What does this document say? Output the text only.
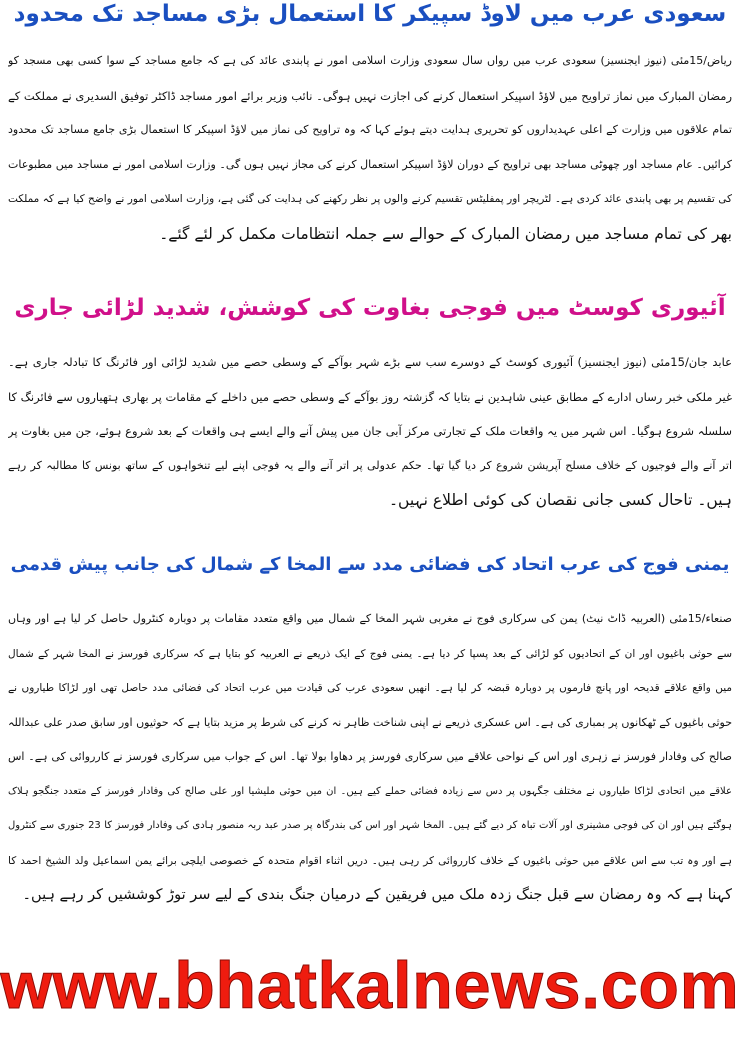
سعودی عرب میں لاوڈ سپیکر کا استعمال بڑی مساجد تک محدود
ریاض/15مئی (نیوز ایجنسیز) سعودی عرب میں رواں سال سعودی وزارت اسلامی امور نے پابندی عائد کی ہے کہ جامع مساجد کے سوا کسی بھی مسجد کو
رمضان المبارک میں نماز تراویح میں لاؤڈ اسپیکر استعمال کرنے کی اجازت نہیں ہوگی۔ نائب وزیر برائے امور مساجد ڈاکٹر توفیق السدیری نے مملکت کے
تمام علاقوں میں وزارت کے اعلی عہدیداروں کو تحریری ہدایت دیتے ہوئے کہا کہ وہ تراویح کی نماز میں لاؤڈ اسپیکر کا استعمال بڑی جامع مساجد تک محدود
کرائیں۔ عام مساجد اور چھوٹی مساجد بھی تراویح کے دوران لاؤڈ اسپیکر استعمال کرنے کی مجاز نہیں ہوں گی۔ وزارت اسلامی امور نے مساجد میں مطبوعات
کی تقسیم پر بھی پابندی عائد کردی ہے۔ لٹریچر اور پمفلیٹس تقسیم کرنے والوں پر نظر رکھنے کی ہدایت کی گئی ہے، وزارت اسلامی امور نے واضح کیا ہے کہ مملکت
بھر کی تمام مساجد میں رمضان المبارک کے حوالے سے جملہ انتظامات مکمل کر لئے گئے۔
آئیوری کوسٹ میں فوجی بغاوت کی کوشش، شدید لڑائی جاری
عابد جان/15مئی (نیوز ایجنسیز) آئیوری کوسٹ کے دوسرے سب سے بڑے شہر بوآکے کے وسطی حصے میں شدید لڑائی اور فائرنگ کا تبادلہ جاری ہے۔
غیر ملکی خبر رساں ادارے کے مطابق عینی شاہدین نے بتایا کہ گزشتہ روز بوآکے کے وسطی حصے میں داخلے کے مقامات پر بھاری ہتھیاروں سے فائرنگ کا
سلسلہ شروع ہوگیا۔ اس شہر میں یہ واقعات ملک کے تجارتی مرکز آبی جان میں پیش آنے والے ایسے ہی واقعات کے بعد شروع ہوئے، جن میں بغاوت پر
اتر آنے والے فوجیوں کے خلاف مسلح آپریشن شروع کر دیا گیا تھا۔ حکم عدولی پر اتر آنے والے یہ فوجی اپنے لیے تنخواہوں کے ساتھ بونس کا مطالبہ کر رہے
ہیں۔ تاحال کسی جانی نقصان کی کوئی اطلاع نہیں۔
یمنی فوج کی عرب اتحاد کی فضائی مدد سے المخا کے شمال کی جانب پیش قدمی
صنعاء/15مئی (العربیہ ڈاٹ نیٹ) یمن کی سرکاری فوج نے مغربی شہر المخا کے شمال میں واقع متعدد مقامات پر دوبارہ کنٹرول حاصل کر لیا ہے اور وہاں
سے حوثی باغیوں اور ان کے اتحادیوں کو لڑائی کے بعد پسپا کر دیا ہے۔ یمنی فوج کے ایک ذریعے نے العربیہ کو بتایا ہے کہ سرکاری فورسز نے المخا شہر کے شمال
میں واقع علاقے قدیحہ اور پانچ فارموں پر دوبارہ قبضہ کر لیا ہے۔ انھیں سعودی عرب کی قیادت میں عرب اتحاد کی فضائی مدد حاصل تھی اور لڑاکا طیاروں نے
حوثی باغیوں کے ٹھکانوں پر بمباری کی ہے۔ اس عسکری ذریعے نے اپنی شناخت ظاہر نہ کرنے کی شرط پر مزید بتایا ہے کہ حوثیوں اور سابق صدر علی عبداللہ
صالح کی وفادار فورسز نے زہری اور اس کے نواحی علاقے میں سرکاری فورسز پر دھاوا بولا تھا۔ اس کے جواب میں سرکاری فورسز نے کارروائی کی ہے۔ اس
علاقے میں اتحادی لڑاکا طیاروں نے مختلف جگہوں پر دس سے زیادہ فضائی حملے کیے ہیں۔ ان میں حوثی ملیشیا اور علی صالح کی وفادار فورسز کے متعدد جنگجو ہلاک
ہوگئے ہیں اور ان کی فوجی مشینری اور آلات تباہ کر دیے گئے ہیں۔ المخا شہر اور اس کی بندرگاہ پر صدر عبد ربہ منصور ہادی کی وفادار فورسز کا 23 جنوری سے کنٹرول
ہے اور وہ تب سے اس علاقے میں حوثی باغیوں کے خلاف کارروائی کر رہی ہیں۔ دریں اثناء اقوام متحدہ کے خصوصی ایلچی برائے یمن اسماعیل ولد الشیخ احمد کا
کہنا ہے کہ وہ رمضان سے قبل جنگ زدہ ملک میں فریقین کے درمیان جنگ بندی کے لیے سر توڑ کوششیں کر رہے ہیں۔
www.bhatkalnews.com
